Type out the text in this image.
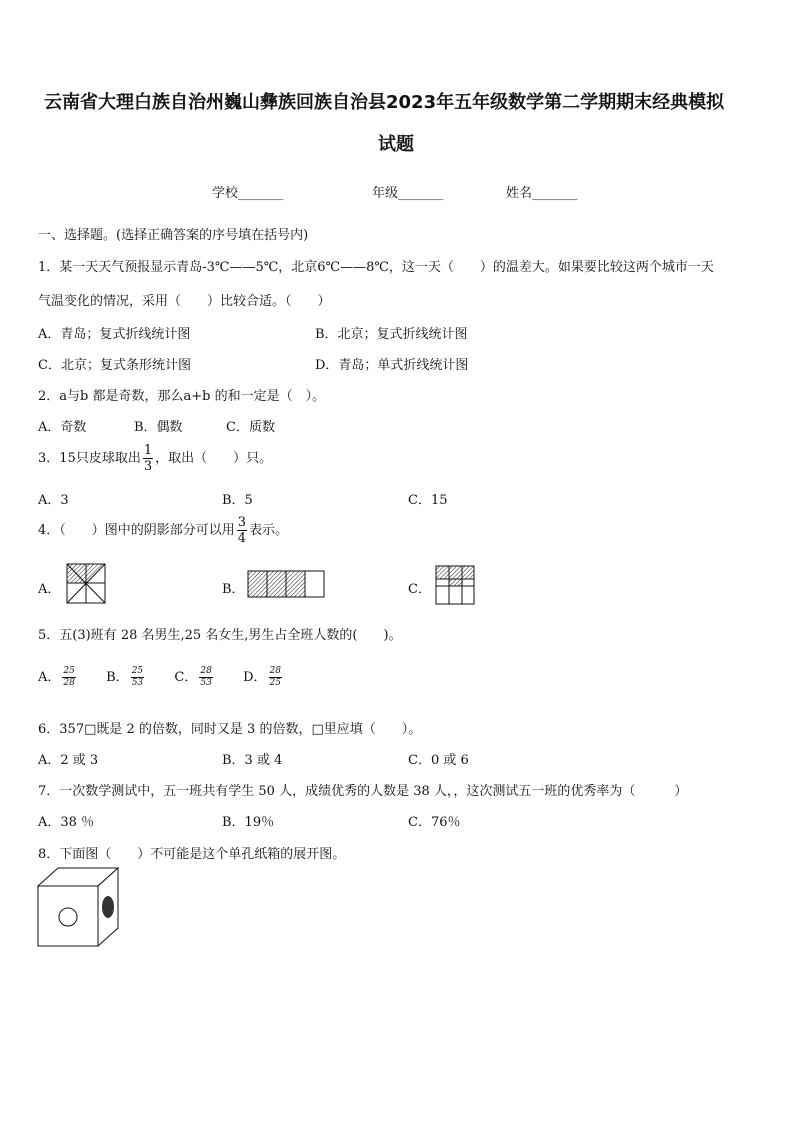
云南省大理白族自治州巍山彝族回族自治县2023年五年级数学第二学期期末经典模拟
试题
学校_______	年级_______	姓名_______
一、选择题。(选择正确答案的序号填在括号内)
1．某一天天气预报显示青岛-3℃——5℃，北京6℃——8℃，这一天（　　）的温差大。如果要比较这两个城市一天
气温变化的情况，采用（　　）比较合适。（　　）
A．青岛；复式折线统计图	B．北京；复式折线统计图
C．北京；复式条形统计图	D．青岛；单式折线统计图
2．a与b 都是奇数，那么a+b 的和一定是（　）。
A．奇数	B．偶数	C．质数
3．15只皮球取出 $\frac{1}{3}$ ，取出（　　）只。
A．3	B．5	C．15
4．（　　）图中的阴影部分可以用 $\frac{3}{4}$ 表示。
A．	B．	C．
5．五(3)班有 28 名男生,25 名女生,男生占全班人数的(　　)。
A． $\frac{25}{28}$ B． $\frac{25}{53}$ C． $\frac{28}{53}$ D． $\frac{28}{25}$
6．357□既是 2 的倍数，同时又是 3 的倍数，□里应填（　　）。
A．2 或 3	B．3 或 4	C．0 或 6
7．一次数学测试中，五一班共有学生 50 人，成绩优秀的人数是 38 人，，这次测试五一班的优秀率为（　　　）
A．38 ％	B．19％	C．76％
8．下面图（　　）不可能是这个单孔纸箱的展开图。
